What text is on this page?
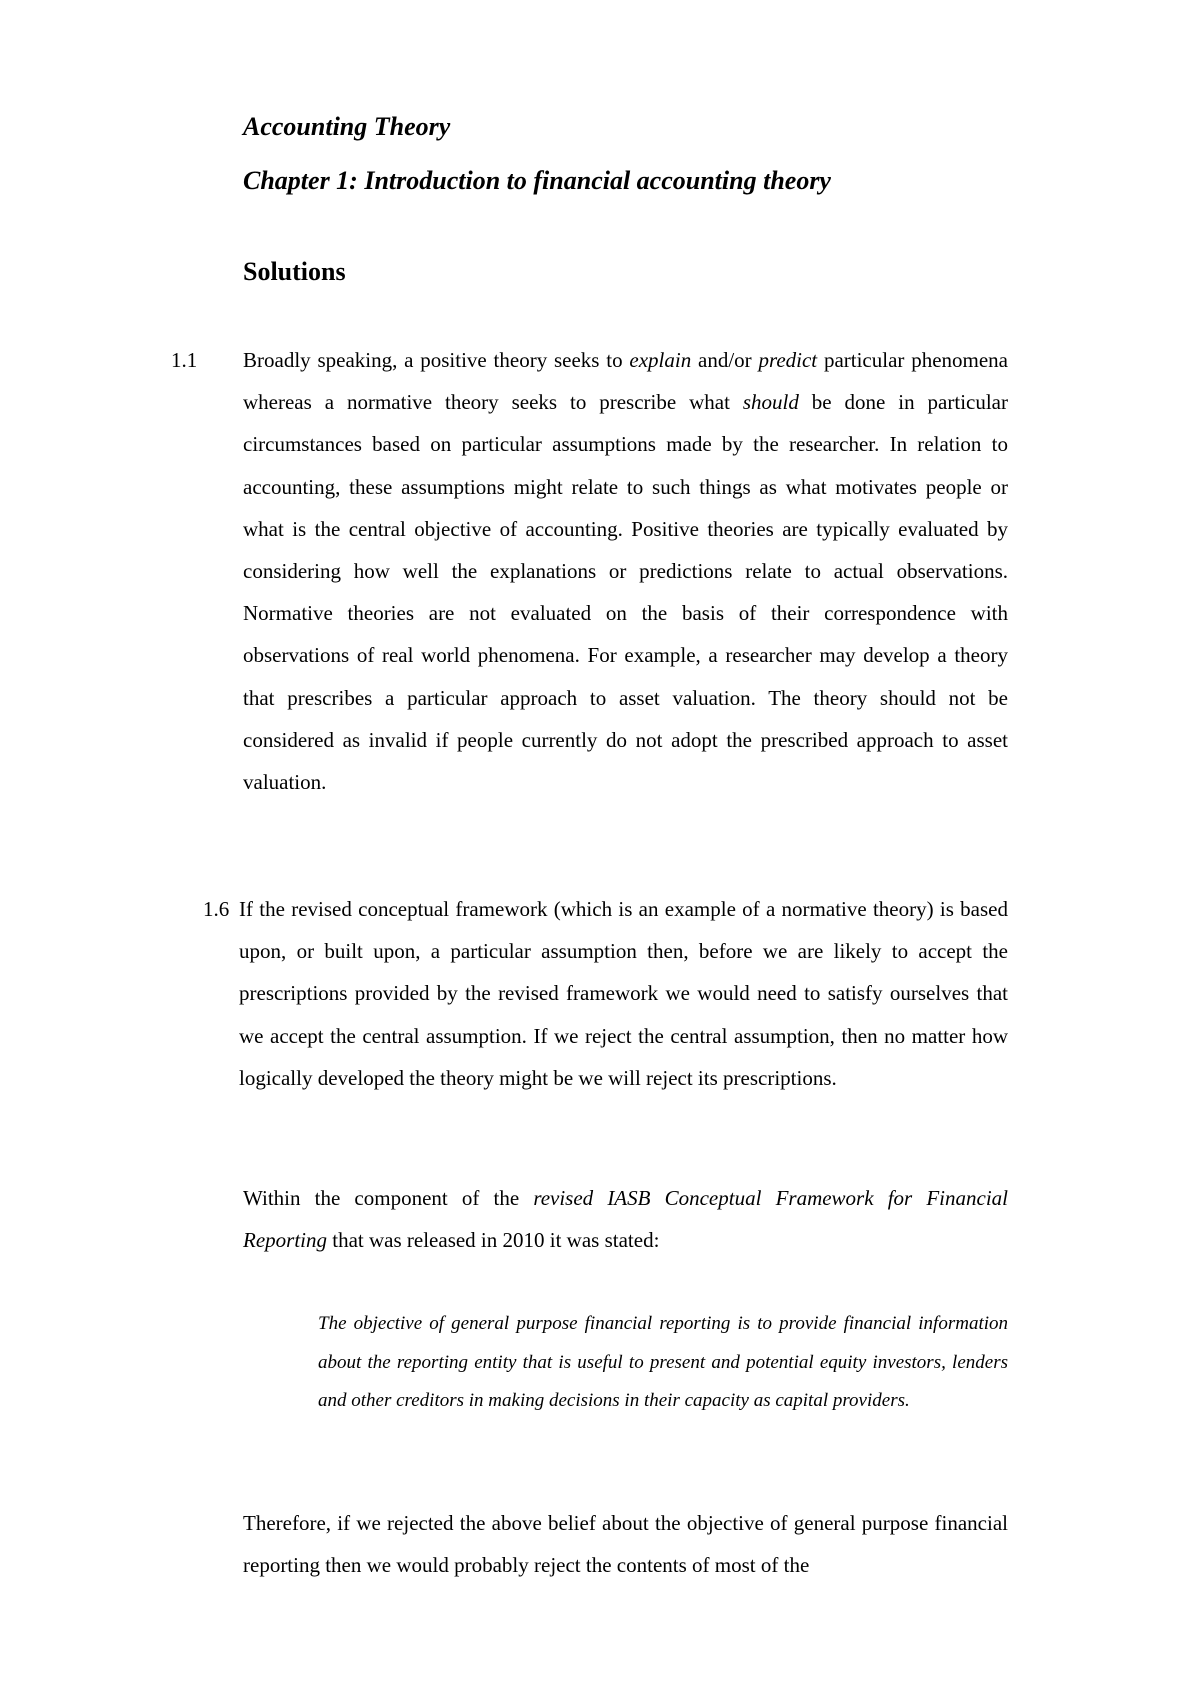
Accounting Theory
Chapter 1: Introduction to financial accounting theory
Solutions
1.1 Broadly speaking, a positive theory seeks to explain and/or predict particular phenomena whereas a normative theory seeks to prescribe what should be done in particular circumstances based on particular assumptions made by the researcher. In relation to accounting, these assumptions might relate to such things as what motivates people or what is the central objective of accounting. Positive theories are typically evaluated by considering how well the explanations or predictions relate to actual observations. Normative theories are not evaluated on the basis of their correspondence with observations of real world phenomena. For example, a researcher may develop a theory that prescribes a particular approach to asset valuation. The theory should not be considered as invalid if people currently do not adopt the prescribed approach to asset valuation.

1.6 If the revised conceptual framework (which is an example of a normative theory) is based upon, or built upon, a particular assumption then, before we are likely to accept the prescriptions provided by the revised framework we would need to satisfy ourselves that we accept the central assumption. If we reject the central assumption, then no matter how logically developed the theory might be we will reject its prescriptions.

Within the component of the revised IASB Conceptual Framework for Financial Reporting that was released in 2010 it was stated:

The objective of general purpose financial reporting is to provide financial information about the reporting entity that is useful to present and potential equity investors, lenders and other creditors in making decisions in their capacity as capital providers.

Therefore, if we rejected the above belief about the objective of general purpose financial reporting then we would probably reject the contents of most of the
